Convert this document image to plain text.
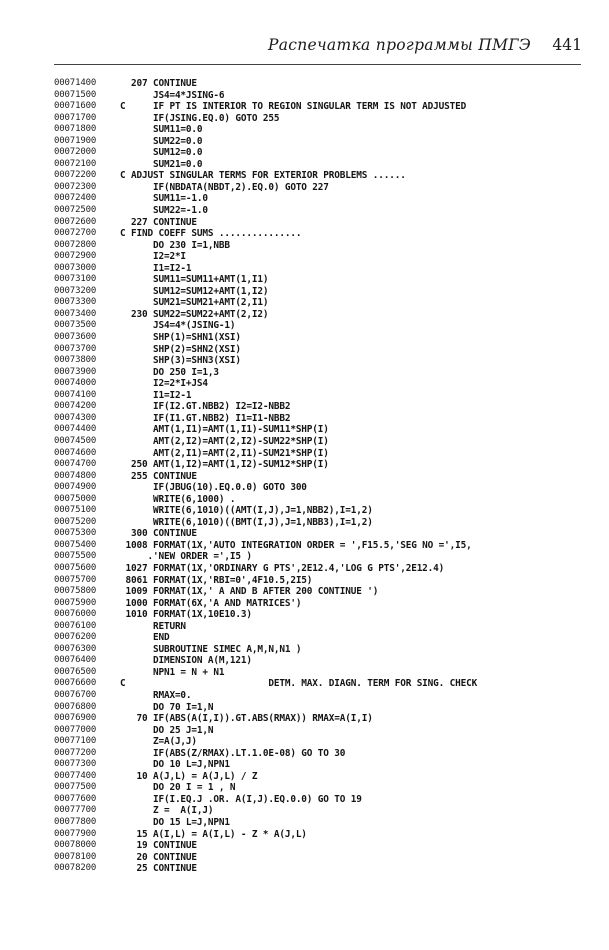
Распечатка программы ПМГЭ 441
00071400	207 CONTINUE
00071500	JS4=4*JSING-6
00071600	C     IF PT IS INTERIOR TO REGION SINGULAR TERM IS NOT ADJUSTED
00071700	IF(JSING.EQ.0) GOTO 255
00071800	SUM11=0.0
00071900	SUM22=0.0
00072000	SUM12=0.0
00072100	SUM21=0.0
00072200	C ADJUST SINGULAR TERMS FOR EXTERIOR PROBLEMS ......
00072300	IF(NBDATA(NBDT,2).EQ.0) GOTO 227
00072400	SUM11=-1.0
00072500	SUM22=-1.0
00072600	227 CONTINUE
00072700	C FIND COEFF SUMS ...............
00072800	DO 230 I=1,NBB
00072900	I2=2*I
00073000	I1=I2-1
00073100	SUM11=SUM11+AMT(1,I1)
00073200	SUM12=SUM12+AMT(1,I2)
00073300	SUM21=SUM21+AMT(2,I1)
00073400	230 SUM22=SUM22+AMT(2,I2)
00073500	JS4=4*(JSING-1)
00073600	SHP(1)=SHN1(XSI)
00073700	SHP(2)=SHN2(XSI)
00073800	SHP(3)=SHN3(XSI)
00073900	DO 250 I=1,3
00074000	I2=2*I+JS4
00074100	I1=I2-1
00074200	IF(I2.GT.NBB2) I2=I2-NBB2
00074300	IF(I1.GT.NBB2) I1=I1-NBB2
00074400	AMT(1,I1)=AMT(1,I1)-SUM11*SHP(I)
00074500	AMT(2,I2)=AMT(2,I2)-SUM22*SHP(I)
00074600	AMT(2,I1)=AMT(2,I1)-SUM21*SHP(I)
00074700	250 AMT(1,I2)=AMT(1,I2)-SUM12*SHP(I)
00074800	255 CONTINUE
00074900	IF(JBUG(10).EQ.0.0) GOTO 300
00075000	WRITE(6,1000) .
00075100	WRITE(6,1010)((AMT(I,J),J=1,NBB2),I=1,2)
00075200	WRITE(6,1010)((BMT(I,J),J=1,NBB3),I=1,2)
00075300	300 CONTINUE
00075400	1008 FORMAT(1X,'AUTO INTEGRATION ORDER = ',F15.5,'SEG NO =',I5,
00075500	.'NEW ORDER =',I5 )
00075600	1027 FORMAT(1X,'ORDINARY G PTS',2E12.4,'LOG G PTS',2E12.4)
00075700	8061 FORMAT(1X,'RBI=0',4F10.5,2I5)
00075800	1009 FORMAT(1X,' A AND B AFTER 200 CONTINUE ')
00075900	1000 FORMAT(6X,'A AND MATRICES')
00076000	1010 FORMAT(1X,10E10.3)
00076100	RETURN
00076200	END
00076300	SUBROUTINE SIMEC A,M,N,N1 )
00076400	DIMENSION A(M,121)
00076500	NPN1 = N + N1
00076600	C                          DETM. MAX. DIAGN. TERM FOR SING. CHECK
00076700	RMAX=0.
00076800	DO 70 I=1,N
00076900	70 IF(ABS(A(I,I)).GT.ABS(RMAX)) RMAX=A(I,I)
00077000	DO 25 J=1,N
00077100	Z=A(J,J)
00077200	IF(ABS(Z/RMAX).LT.1.0E-08) GO TO 30
00077300	DO 10 L=J,NPN1
00077400	10 A(J,L) = A(J,L) / Z
00077500	DO 20 I = 1 , N
00077600	IF(I.EQ.J .OR. A(I,J).EQ.0.0) GO TO 19
00077700	Z =  A(I,J)
00077800	DO 15 L=J,NPN1
00077900	15 A(I,L) = A(I,L) - Z * A(J,L)
00078000	19 CONTINUE
00078100	20 CONTINUE
00078200	25 CONTINUE
